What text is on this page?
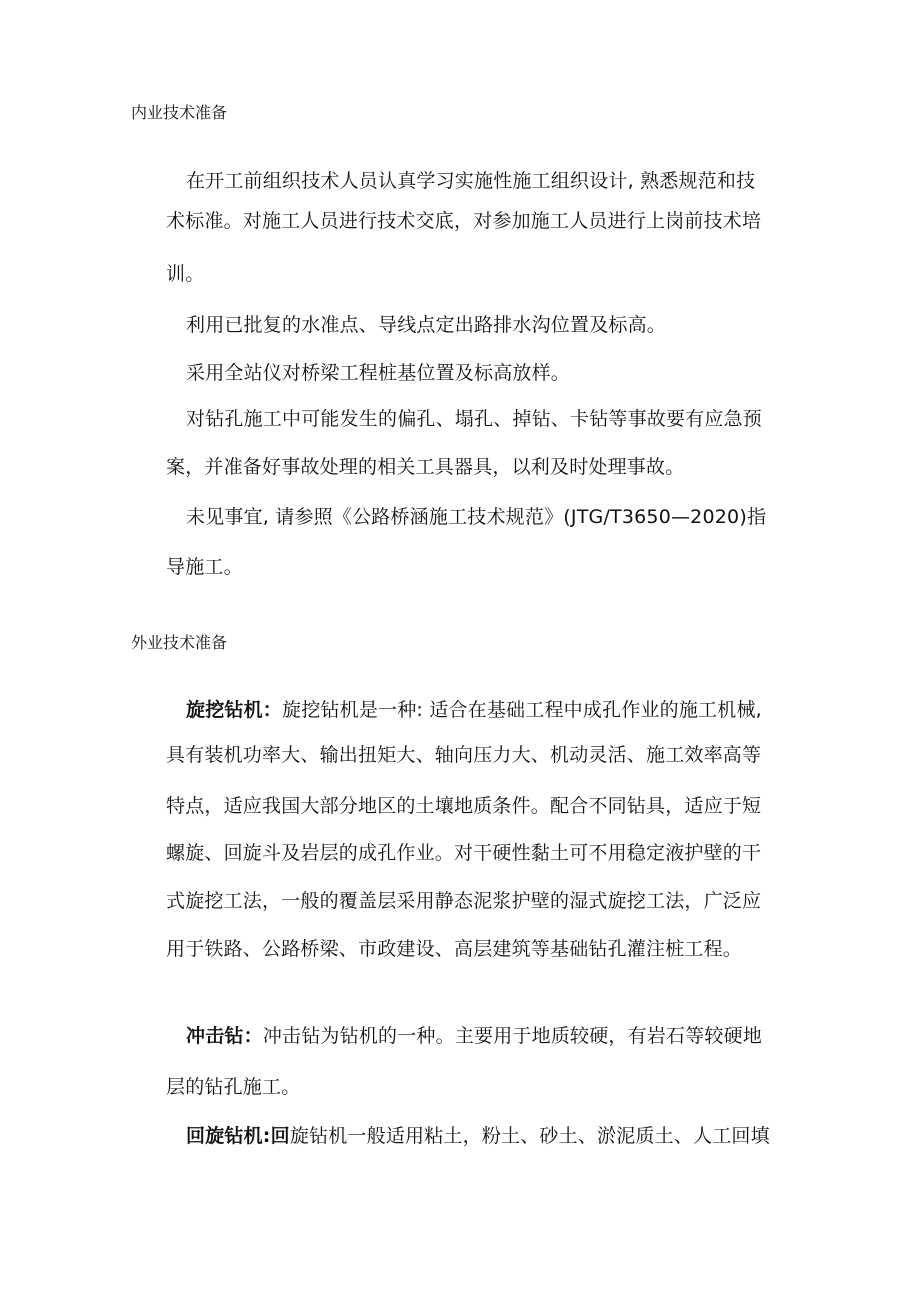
内业技术准备
在开工前组织技术人员认真学习实施性施工组织设计, 熟悉规范和技
术标准。对施工人员进行技术交底，对参加施工人员进行上岗前技术培
训。
利用已批复的水准点、导线点定出路排水沟位置及标高。
采用全站仪对桥梁工程桩基位置及标高放样。
对钻孔施工中可能发生的偏孔、塌孔、掉钻、卡钻等事故要有应急预
案，并准备好事故处理的相关工具器具，以利及时处理事故。
未见事宜, 请参照《公路桥涵施工技术规范》(JTG/T3650—2020)指
导施工。
外业技术准备
旋挖钻机：旋挖钻机是一种: 适合在基础工程中成孔作业的施工机械,
具有装机功率大、输出扭矩大、轴向压力大、机动灵活、施工效率高等
特点，适应我国大部分地区的土壤地质条件。配合不同钻具，适应于短
螺旋、回旋斗及岩层的成孔作业。对干硬性黏土可不用稳定液护壁的干
式旋挖工法，一般的覆盖层采用静态泥浆护壁的湿式旋挖工法，广泛应
用于铁路、公路桥梁、市政建设、高层建筑等基础钻孔灌注桩工程。
冲击钻：冲击钻为钻机的一种。主要用于地质较硬，有岩石等较硬地
层的钻孔施工。
回旋钻机:回旋钻机一般适用粘土，粉土、砂土、淤泥质土、人工回填
